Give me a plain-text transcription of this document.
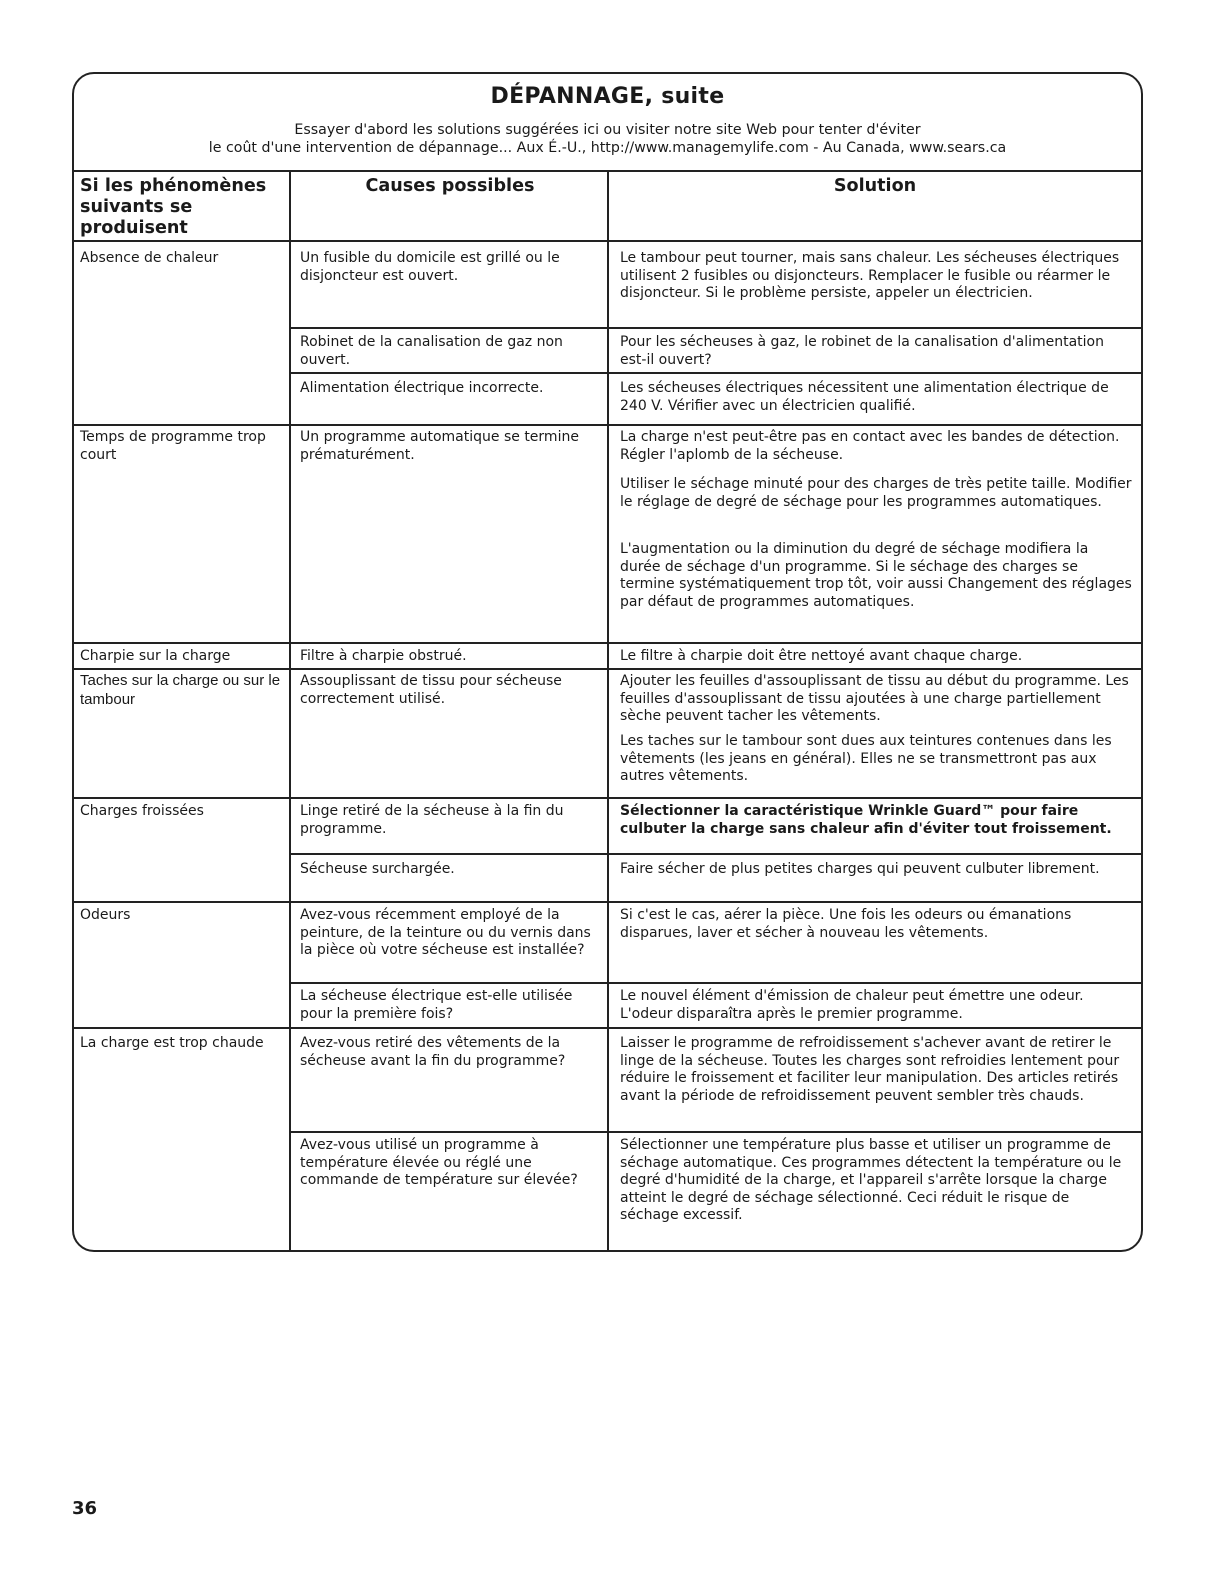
DÉPANNAGE, suite
Essayer d'abord les solutions suggérées ici ou visiter notre site Web pour tenter d'éviter
le coût d'une intervention de dépannage... Aux É.-U., http://www.managemylife.com - Au Canada, www.sears.ca
Si les phénomènes suivants se produisent
Causes possibles	Solution
Absence de chaleur
Temps de programme trop court
Charpie sur la charge
Taches sur la charge ou sur le tambour
Charges froissées
Odeurs
La charge est trop chaude
Un fusible du domicile est grillé ou le disjoncteur est ouvert.
Robinet de la canalisation de gaz non ouvert.
Alimentation électrique incorrecte.
Un programme automatique se termine prématurément.
Filtre à charpie obstrué.
Assouplissant de tissu pour sécheuse correctement utilisé.
Linge retiré de la sécheuse à la fin du programme.
Sécheuse surchargée.
Avez-vous récemment employé de la peinture, de la teinture ou du vernis dans la pièce où votre sécheuse est installée?
La sécheuse électrique est-elle utilisée pour la première fois?
Avez-vous retiré des vêtements de la sécheuse avant la fin du programme?
Avez-vous utilisé un programme à température élevée ou réglé une commande de température sur élevée?
Le tambour peut tourner, mais sans chaleur. Les sécheuses électriques utilisent 2 fusibles ou disjoncteurs. Remplacer le fusible ou réarmer le disjoncteur. Si le problème persiste, appeler un électricien.
Pour les sécheuses à gaz, le robinet de la canalisation d'alimentation est-il ouvert?
Les sécheuses électriques nécessitent une alimentation électrique de 240 V. Vérifier avec un électricien qualifié.
La charge n'est peut-être pas en contact avec les bandes de détection. Régler l'aplomb de la sécheuse.
Utiliser le séchage minuté pour des charges de très petite taille. Modifier le réglage de degré de séchage pour les programmes automatiques.
L'augmentation ou la diminution du degré de séchage modifiera la durée de séchage d'un programme. Si le séchage des charges se termine systématiquement trop tôt, voir aussi Changement des réglages par défaut de programmes automatiques.
Le filtre à charpie doit être nettoyé avant chaque charge.
Ajouter les feuilles d'assouplissant de tissu au début du programme. Les feuilles d'assouplissant de tissu ajoutées à une charge partiellement sèche peuvent tacher les vêtements.
Les taches sur le tambour sont dues aux teintures contenues dans les vêtements (les jeans en général). Elles ne se transmettront pas aux autres vêtements.
Sélectionner la caractéristique Wrinkle Guard™ pour faire culbuter la charge sans chaleur afin d'éviter tout froissement.
Faire sécher de plus petites charges qui peuvent culbuter librement.
Si c'est le cas, aérer la pièce. Une fois les odeurs ou émanations disparues, laver et sécher à nouveau les vêtements.
Le nouvel élément d'émission de chaleur peut émettre une odeur. L'odeur disparaîtra après le premier programme.
Laisser le programme de refroidissement s'achever avant de retirer le linge de la sécheuse. Toutes les charges sont refroidies lentement pour réduire le froissement et faciliter leur manipulation. Des articles retirés avant la période de refroidissement peuvent sembler très chauds.
Sélectionner une température plus basse et utiliser un programme de séchage automatique. Ces programmes détectent la température ou le degré d'humidité de la charge, et l'appareil s'arrête lorsque la charge atteint le degré de séchage sélectionné. Ceci réduit le risque de séchage excessif.
36
